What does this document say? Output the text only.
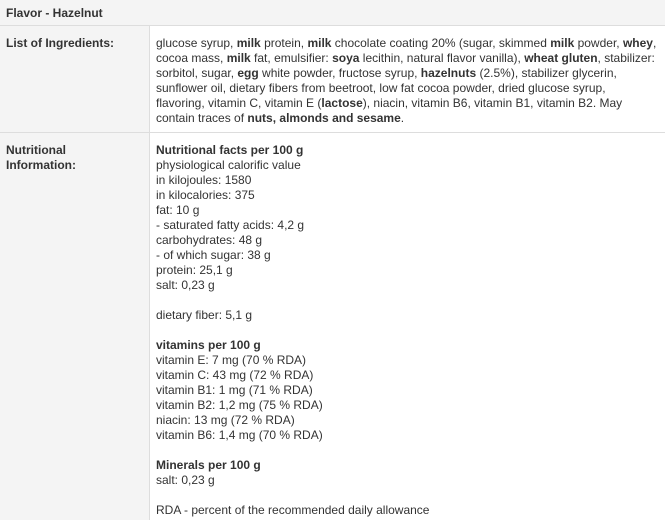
Flavor - Hazelnut
List of Ingredients:	glucose syrup, milk protein, milk chocolate coating 20% (sugar, skimmed milk powder, whey, cocoa mass, milk fat, emulsifier: soya lecithin, natural flavor vanilla), wheat gluten, stabilizer: sorbitol, sugar, egg white powder, fructose syrup, hazelnuts (2.5%), stabilizer glycerin, sunflower oil, dietary fibers from beetroot, low fat cocoa powder, dried glucose syrup, flavoring, vitamin C, vitamin E (lactose), niacin, vitamin B6, vitamin B1, vitamin B2. May contain traces of nuts, almonds and sesame.
Nutritional
Information:
Nutritional facts per 100 g
physiological calorific value
in kilojoules: 1580
in kilocalories: 375
fat: 10 g
- saturated fatty acids: 4,2 g
carbohydrates: 48 g
- of which sugar: 38 g
protein: 25,1 g
salt: 0,23 g
dietary fiber: 5,1 g
vitamins per 100 g
vitamin E: 7 mg (70 % RDA)
vitamin C: 43 mg (72 % RDA)
vitamin B1: 1 mg (71 % RDA)
vitamin B2: 1,2 mg (75 % RDA)
niacin: 13 mg (72 % RDA)
vitamin B6: 1,4 mg (70 % RDA)
Minerals per 100 g
salt: 0,23 g
RDA - percent of the recommended daily allowance
